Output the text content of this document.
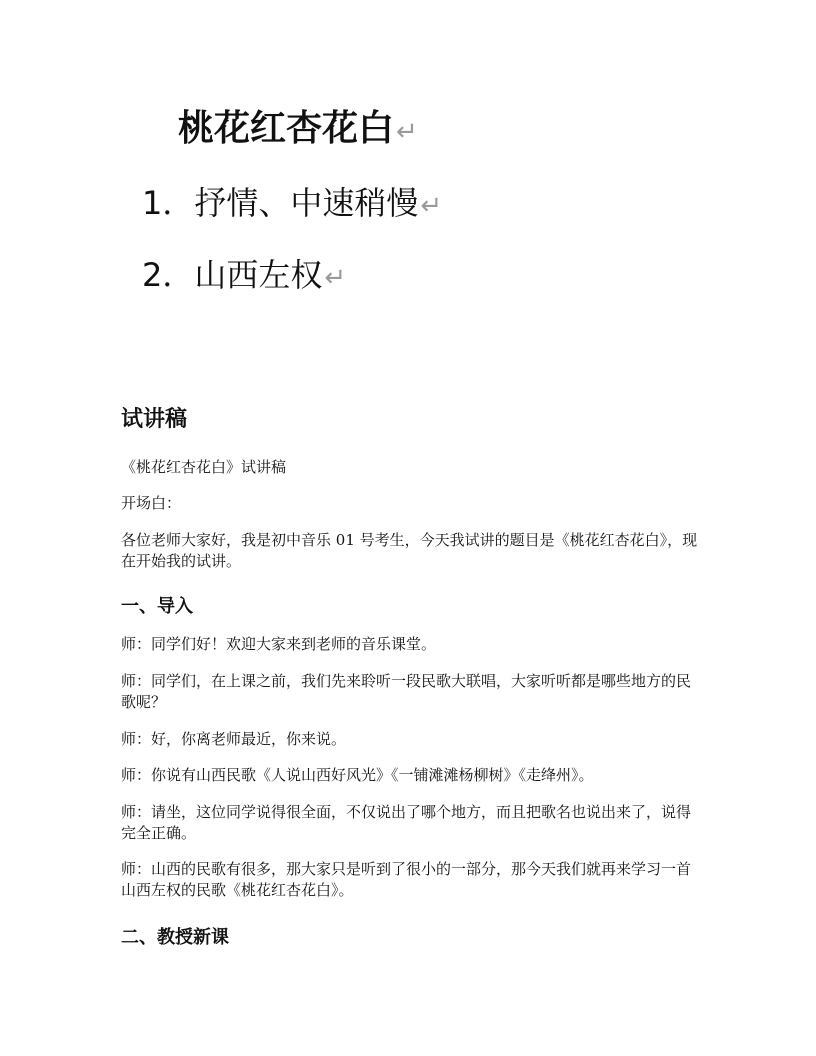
桃花红杏花白↵
1．抒情、中速稍慢↵
2．山西左权↵
试讲稿
《桃花红杏花白》试讲稿
开场白：
各位老师大家好，我是初中音乐 01 号考生，今天我试讲的题目是《桃花红杏花白》，现在开始我的试讲。
一、导入
师：同学们好！欢迎大家来到老师的音乐课堂。
师：同学们，在上课之前，我们先来聆听一段民歌大联唱，大家听听都是哪些地方的民歌呢？
师：好，你离老师最近，你来说。
师：你说有山西民歌《人说山西好风光》《一铺滩滩杨柳树》《走绛州》。
师：请坐，这位同学说得很全面，不仅说出了哪个地方，而且把歌名也说出来了，说得完全正确。
师：山西的民歌有很多，那大家只是听到了很小的一部分，那今天我们就再来学习一首山西左权的民歌《桃花红杏花白》。
二、教授新课
